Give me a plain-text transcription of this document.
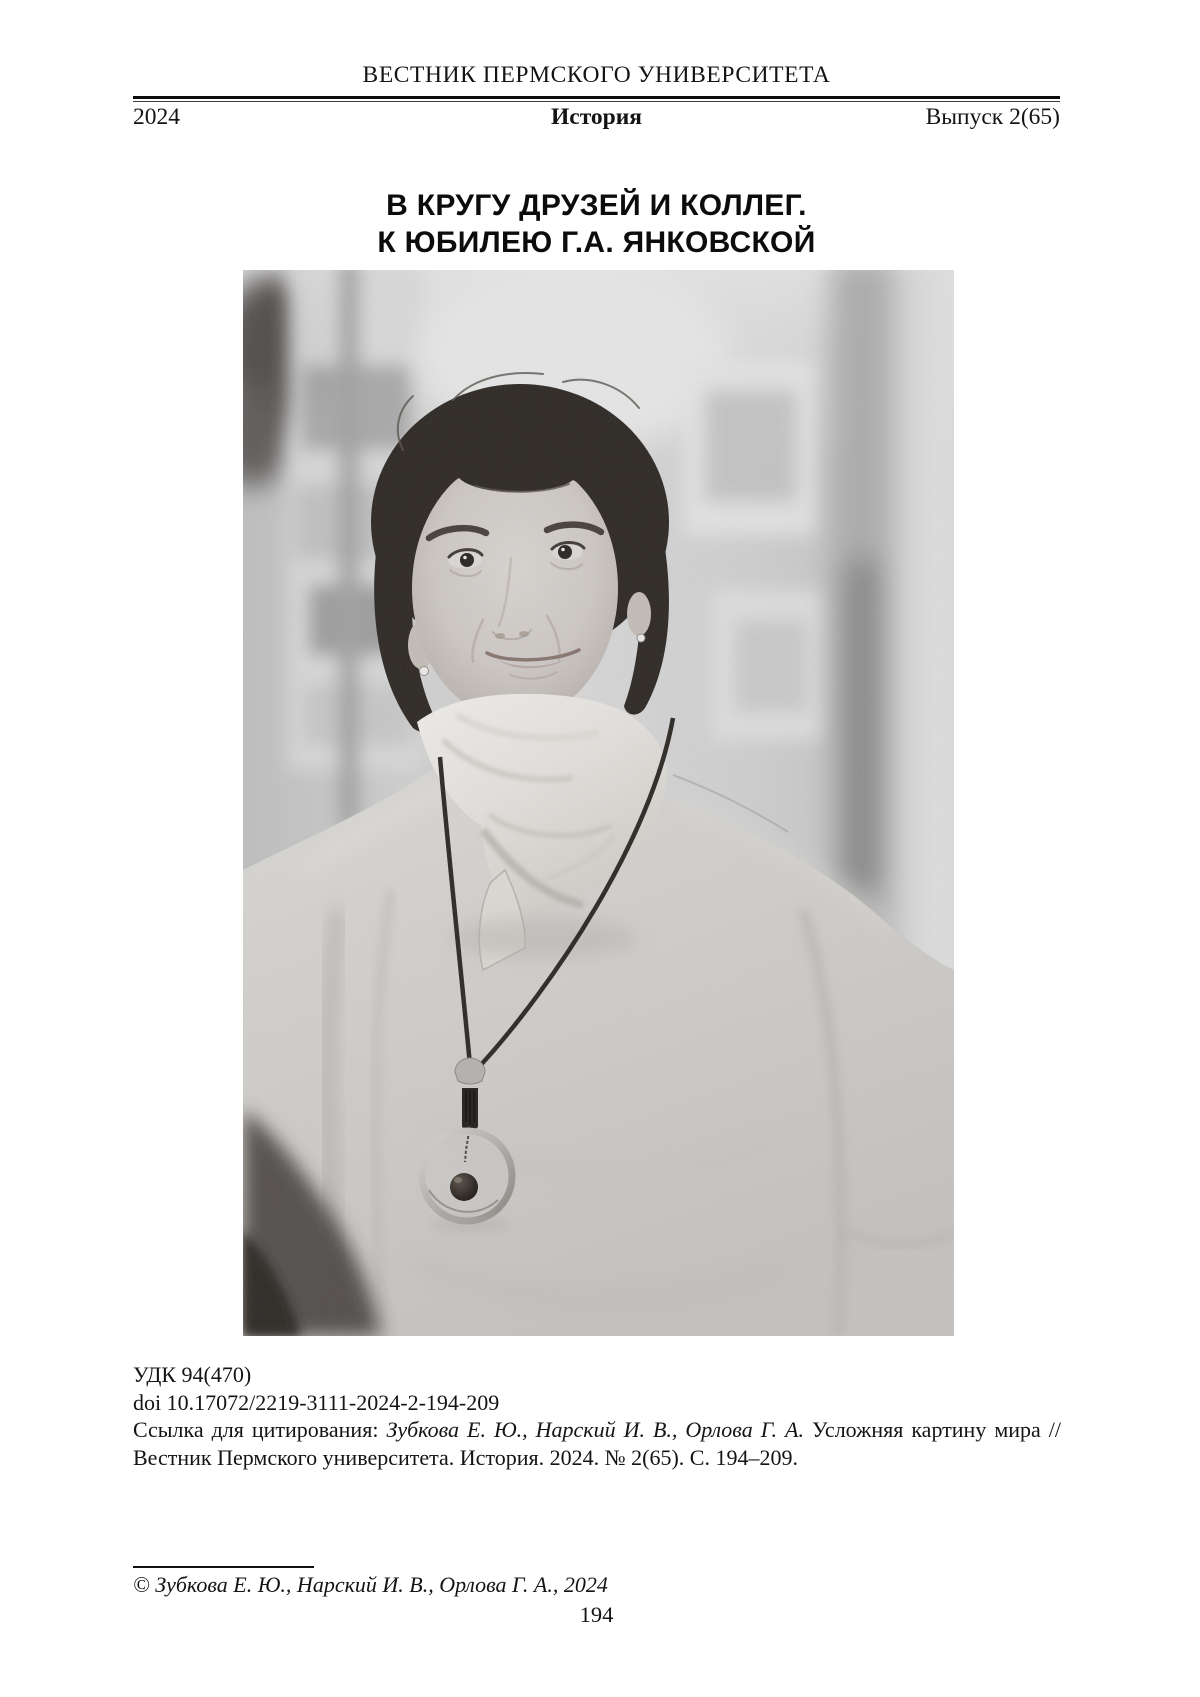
ВЕСТНИК ПЕРМСКОГО УНИВЕРСИТЕТА
2024	История	Выпуск 2(65)
В КРУГУ ДРУЗЕЙ И КОЛЛЕГ.
К ЮБИЛЕЮ Г.А. ЯНКОВСКОЙ
УДК 94(470)
doi 10.17072/2219-3111-2024-2-194-209
Ссылка для цитирования: Зубкова Е. Ю., Нарский И. В., Орлова Г. А. Усложняя картину мира // Вестник Пермского университета. История. 2024. № 2(65). С. 194–209.
© Зубкова Е. Ю., Нарский И. В., Орлова Г. А., 2024
194
